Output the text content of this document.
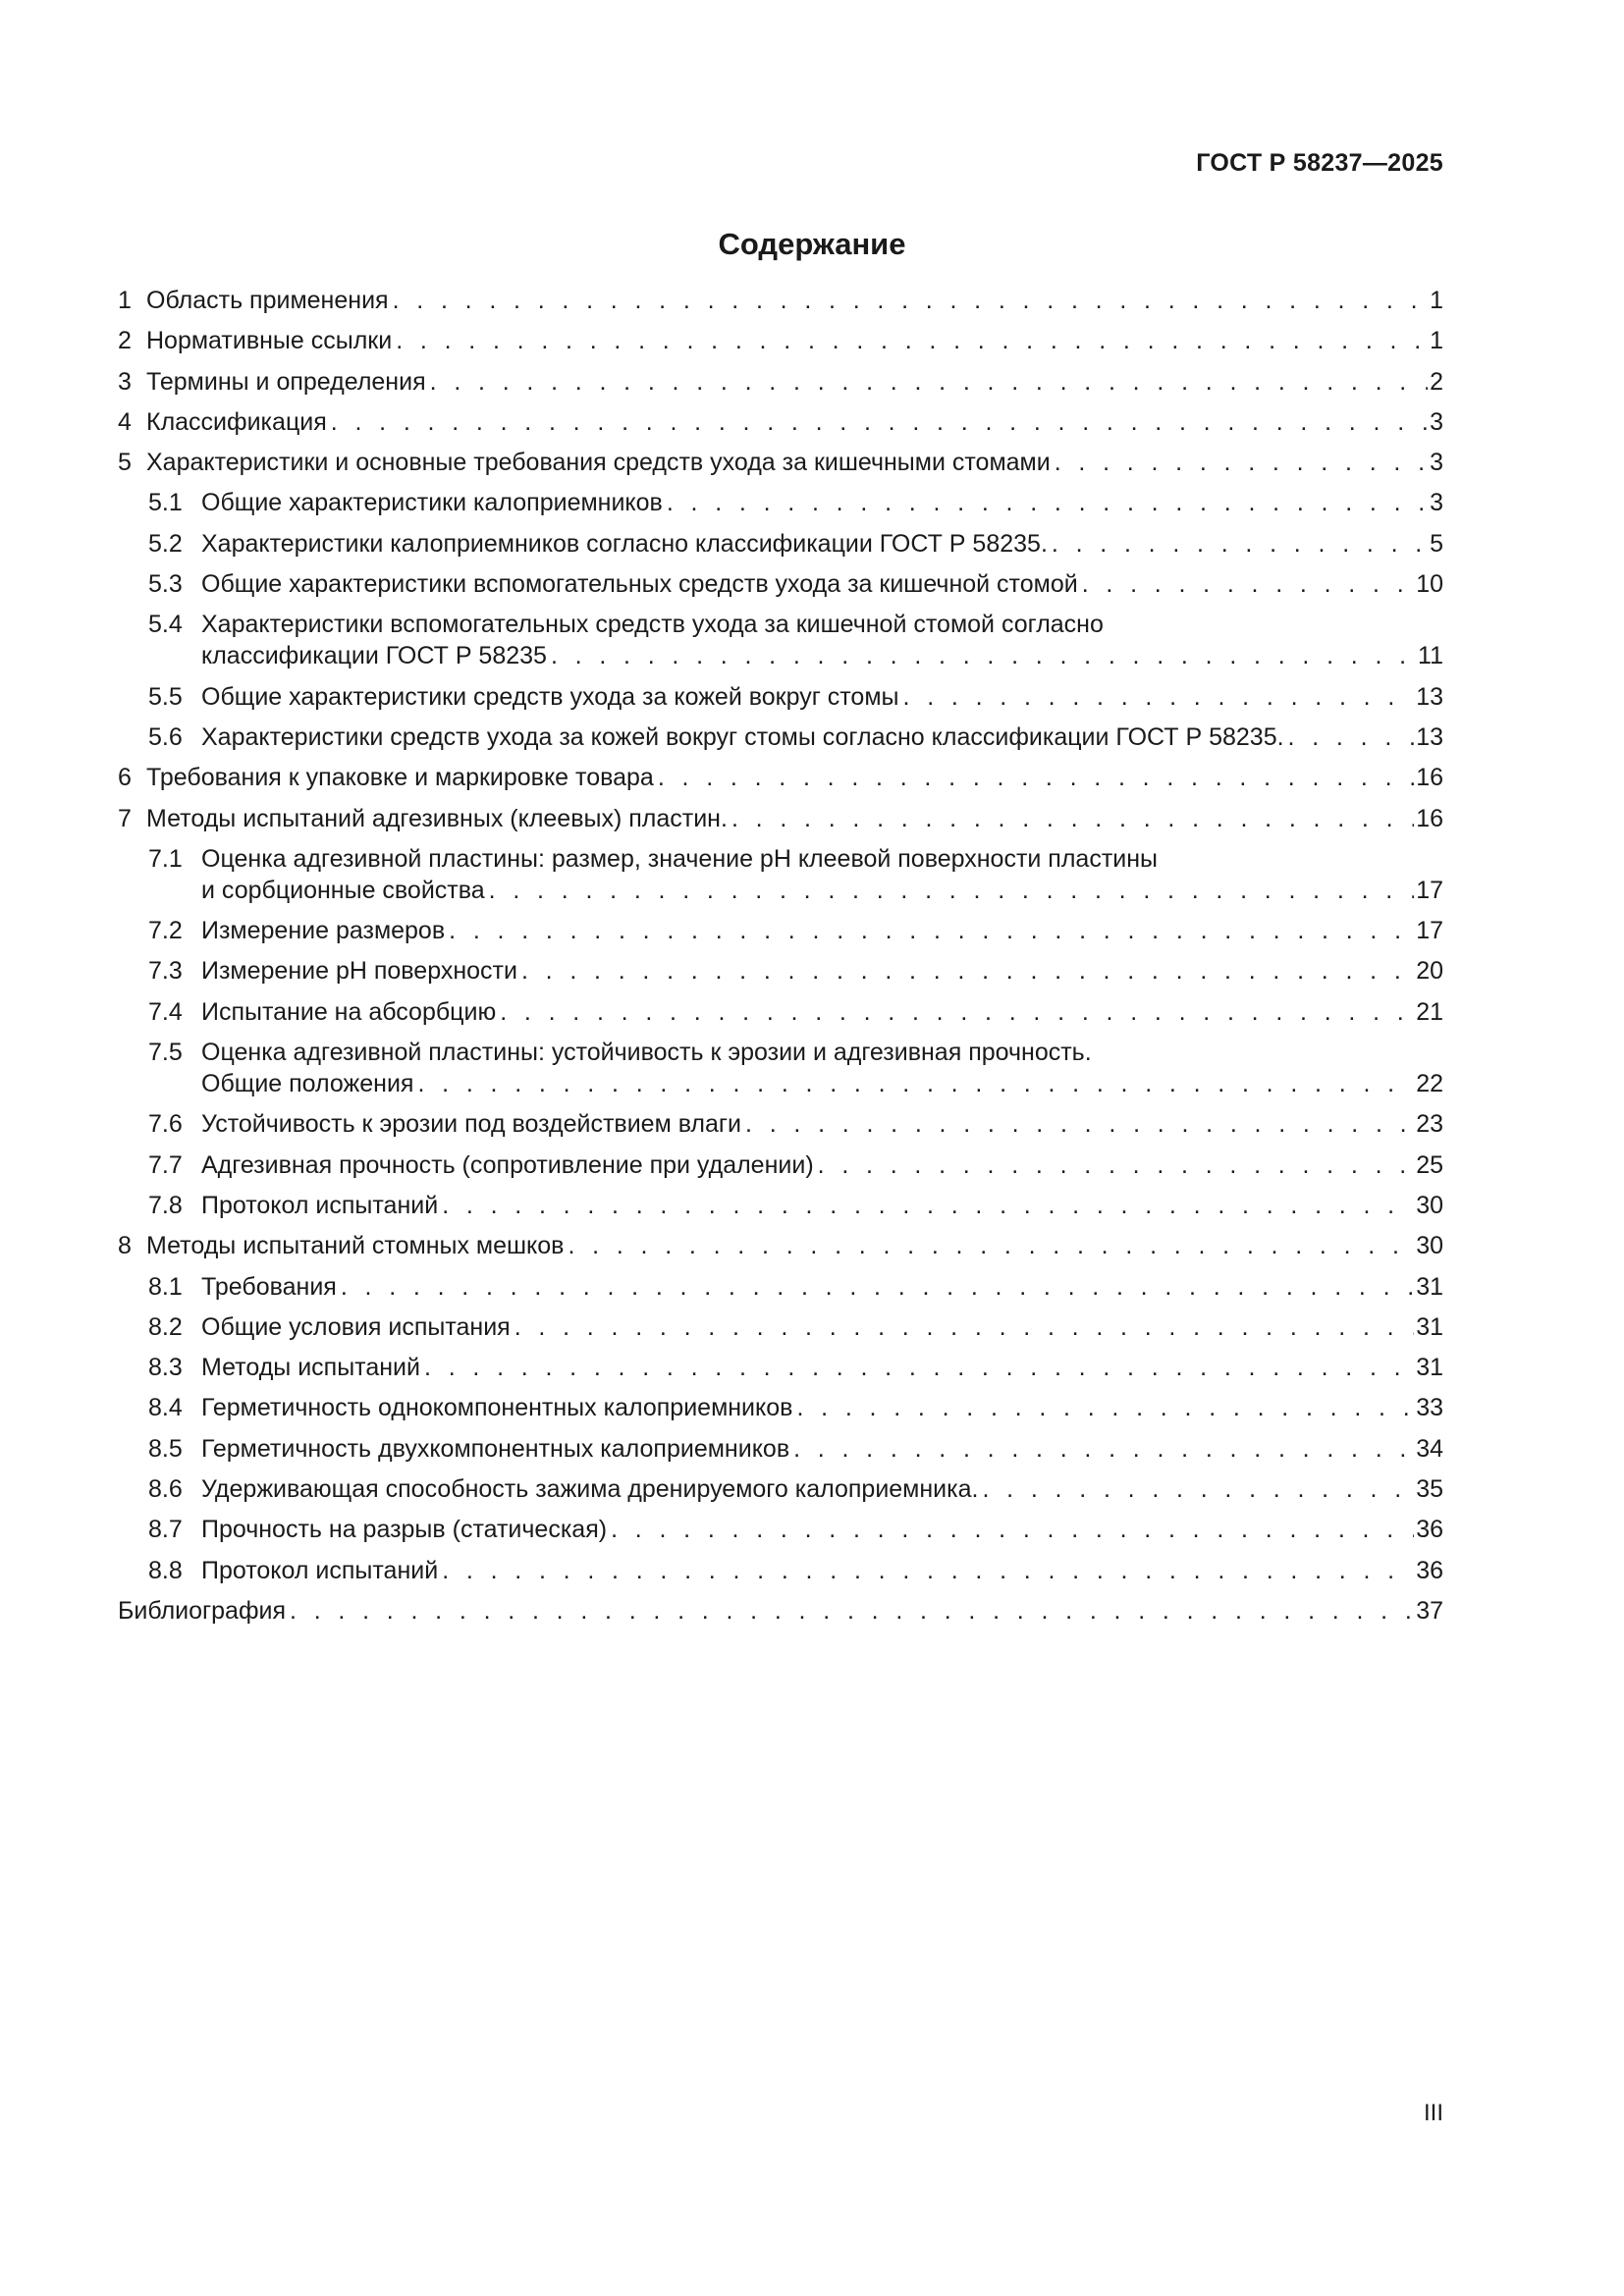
ГОСТ Р 58237—2025
Содержание
1 Область применения . . .	1
2 Нормативные ссылки . . .	1
3 Термины и определения . . .	2
4 Классификация . . .	3
5 Характеристики и основные требования средств ухода за кишечными стомами . . .	3
5.1 Общие характеристики калоприемников . . .	3
5.2 Характеристики калоприемников согласно классификации ГОСТ Р 58235. . . .	5
5.3 Общие характеристики вспомогательных средств ухода за кишечной стомой . . .	10
5.4 Характеристики вспомогательных средств ухода за кишечной стомой согласно
классификации ГОСТ Р 58235 . . .	11
5.5 Общие характеристики средств ухода за кожей вокруг стомы . . .	13
5.6 Характеристики средств ухода за кожей вокруг стомы согласно классификации ГОСТ Р 58235. . . .	13
6 Требования к упаковке и маркировке товара . . .	16
7 Методы испытаний адгезивных (клеевых) пластин. . . .	16
7.1 Оценка адгезивной пластины: размер, значение pH клеевой поверхности пластины
и сорбционные свойства . . .	17
7.2 Измерение размеров . . .	17
7.3 Измерение pH поверхности . . .	20
7.4 Испытание на абсорбцию . . .	21
7.5 Оценка адгезивной пластины: устойчивость к эрозии и адгезивная прочность.
Общие положения . . .	22
7.6 Устойчивость к эрозии под воздействием влаги . . .	23
7.7 Адгезивная прочность (сопротивление при удалении) . . .	25
7.8 Протокол испытаний . . .	30
8 Методы испытаний стомных мешков . . .	30
8.1 Требования . . .	31
8.2 Общие условия испытания . . .	31
8.3 Методы испытаний . . .	31
8.4 Герметичность однокомпонентных калоприемников . . .	33
8.5 Герметичность двухкомпонентных калоприемников . . .	34
8.6 Удерживающая способность зажима дренируемого калоприемника. . . .	35
8.7 Прочность на разрыв (статическая) . . .	36
8.8 Протокол испытаний . . .	36
Библиография . . .	37
III
